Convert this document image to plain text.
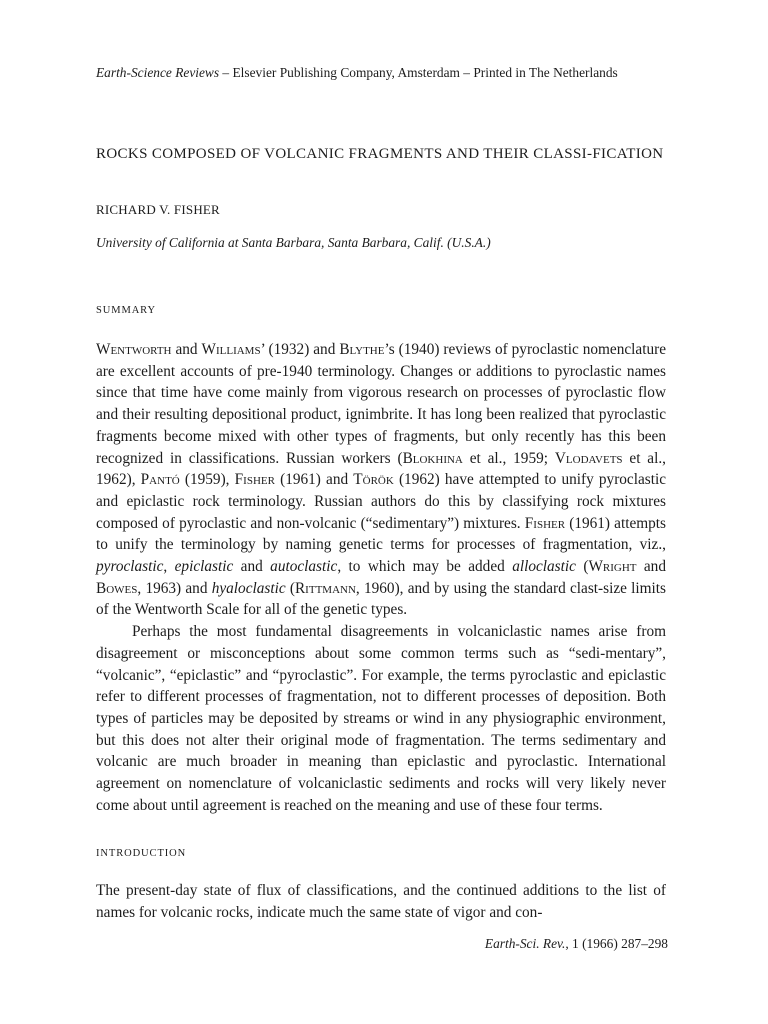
Earth-Science Reviews – Elsevier Publishing Company, Amsterdam – Printed in The Netherlands
ROCKS COMPOSED OF VOLCANIC FRAGMENTS AND THEIR CLASSI-FICATION
RICHARD V. FISHER
University of California at Santa Barbara, Santa Barbara, Calif. (U.S.A.)
SUMMARY

Wentworth and Williams’ (1932) and Blythe’s (1940) reviews of pyroclastic nomenclature are excellent accounts of pre-1940 terminology. Changes or additions to pyroclastic names since that time have come mainly from vigorous research on processes of pyroclastic flow and their resulting depositional product, ignimbrite. It has long been realized that pyroclastic fragments become mixed with other types of fragments, but only recently has this been recognized in classifications. Russian workers (Blokhina et al., 1959; Vlodavets et al., 1962), Pantó (1959), Fisher (1961) and Török (1962) have attempted to unify pyroclastic and epiclastic rock terminology. Russian authors do this by classifying rock mixtures composed of pyroclastic and non-volcanic (“sedimentary”) mixtures. Fisher (1961) attempts to unify the terminology by naming genetic terms for processes of fragmentation, viz., pyroclastic, epiclastic and autoclastic, to which may be added alloclastic (Wright and Bowes, 1963) and hyaloclastic (Rittmann, 1960), and by using the standard clast-size limits of the Wentworth Scale for all of the genetic types.

Perhaps the most fundamental disagreements in volcaniclastic names arise from disagreement or misconceptions about some common terms such as “sedi-mentary”, “volcanic”, “epiclastic” and “pyroclastic”. For example, the terms pyroclastic and epiclastic refer to different processes of fragmentation, not to different processes of deposition. Both types of particles may be deposited by streams or wind in any physiographic environment, but this does not alter their original mode of fragmentation. The terms sedimentary and volcanic are much broader in meaning than epiclastic and pyroclastic. International agreement on nomenclature of volcaniclastic sediments and rocks will very likely never come about until agreement is reached on the meaning and use of these four terms.

INTRODUCTION

The present-day state of flux of classifications, and the continued additions to the list of names for volcanic rocks, indicate much the same state of vigor and con-

Earth-Sci. Rev., 1 (1966) 287–298
